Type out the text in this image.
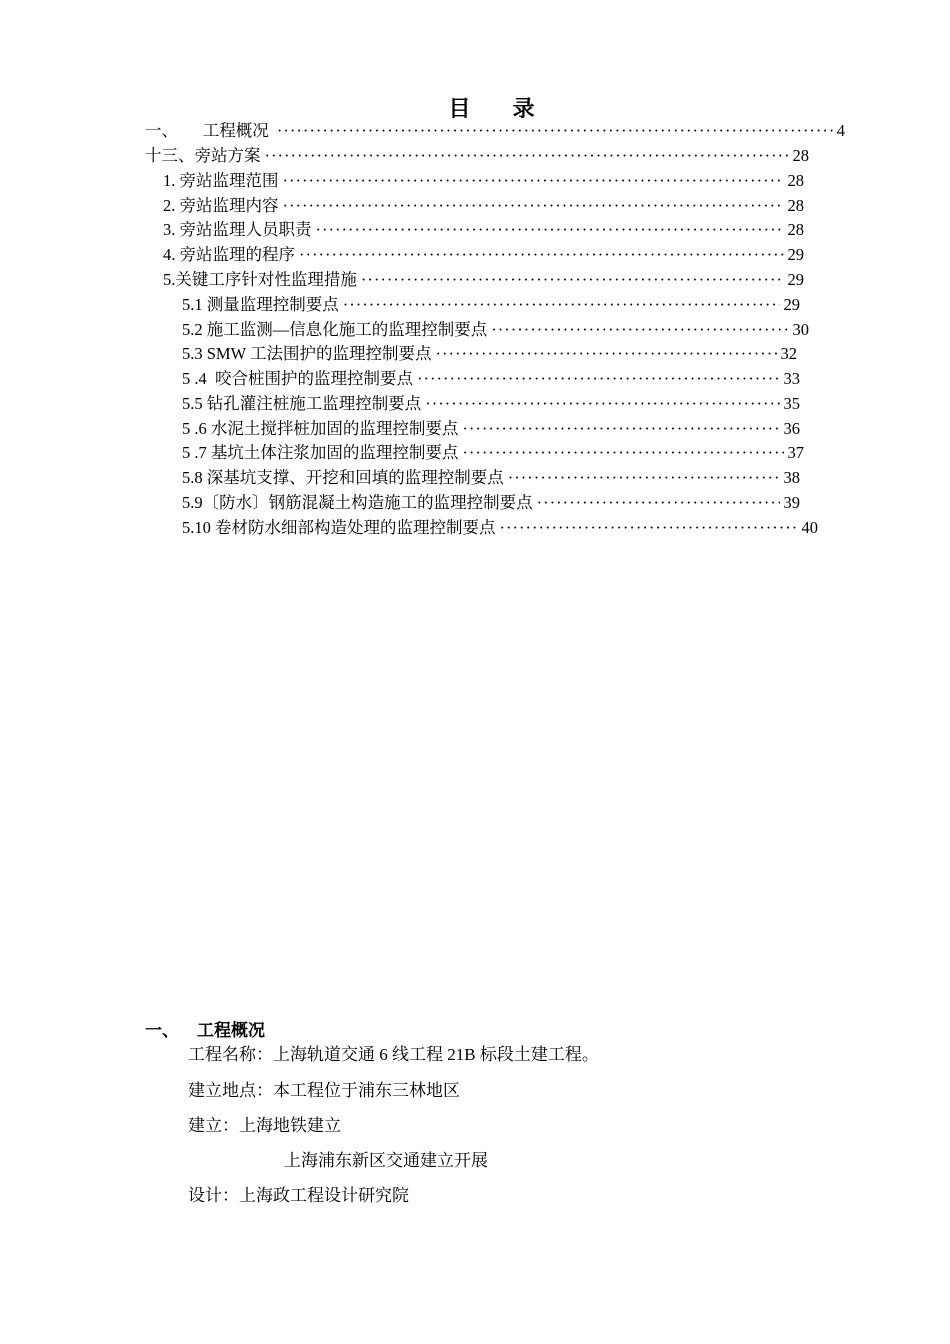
目 录
一、      工程概况 ·····	4
十三、旁站方案 ·····	28
1. 旁站监理范围 ·····	28
2. 旁站监理内容 ·····	28
3. 旁站监理人员职责 ·····	28
4. 旁站监理的程序 ·····	29
5.关键工序针对性监理措施 ·····	29
5.1 测量监理控制要点 ·····	29
5.2 施工监测—信息化施工的监理控制要点 ·····	30
5.3 SMW 工法围护的监理控制要点 ·····	32
5 .4  咬合桩围护的监理控制要点 ·····	33
5.5 钻孔灌注桩施工监理控制要点 ·····	35
5 .6 水泥土搅拌桩加固的监理控制要点 ·····	36
5 .7 基坑土体注浆加固的监理控制要点 ·····	37
5.8 深基坑支撑、开挖和回填的监理控制要点 ·····	38
5.9〔防水〕钢筋混凝土构造施工的监理控制要点 ·····	39
5.10 卷材防水细部构造处理的监理控制要点 ·····	40
一、 工程概况
工程名称：上海轨道交通 6 线工程 21B 标段土建工程。
建立地点：本工程位于浦东三林地区
建立：上海地铁建立
上海浦东新区交通建立开展
设计：上海政工程设计研究院
